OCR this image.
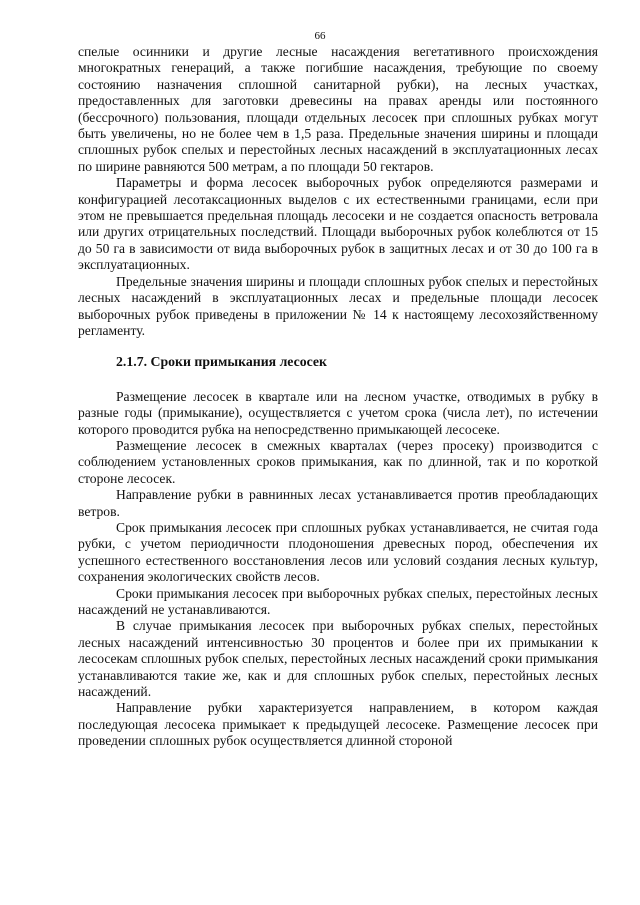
66

спелые осинники и другие лесные насаждения вегетативного происхождения многократных генераций, а также погибшие насаждения, требующие по своему состоянию назначения сплошной санитарной рубки), на лесных участках, предоставленных для заготовки древесины на правах аренды или постоянного (бессрочного) пользования, площади отдельных лесосек при сплошных рубках могут быть увеличены, но не более чем в 1,5 раза. Предельные значения ширины и площади сплошных рубок спелых и перестойных лесных насаждений в эксплуатационных лесах по ширине равняются 500 метрам, а по площади 50 гектаров.

Параметры и форма лесосек выборочных рубок определяются размерами и конфигурацией лесотаксационных выделов с их естественными границами, если при этом не превышается предельная площадь лесосеки и не создается опасность ветровала или других отрицательных последствий. Площади выборочных рубок колеблются от 15 до 50 га в зависимости от вида выборочных рубок в защитных лесах и от 30 до 100 га в эксплуатационных.

Предельные значения ширины и площади сплошных рубок спелых и перестойных лесных насаждений в эксплуатационных лесах и предельные площади лесосек выборочных рубок приведены в приложении № 14 к настоящему лесохозяйственному регламенту.

2.1.7. Сроки примыкания лесосек

Размещение лесосек в квартале или на лесном участке, отводимых в рубку в разные годы (примыкание), осуществляется с учетом срока (числа лет), по истечении которого проводится рубка на непосредственно примыкающей лесосеке.

Размещение лесосек в смежных кварталах (через просеку) производится с соблюдением установленных сроков примыкания, как по длинной, так и по короткой стороне лесосек.

Направление рубки в равнинных лесах устанавливается против преобладающих ветров.

Срок примыкания лесосек при сплошных рубках устанавливается, не считая года рубки, с учетом периодичности плодоношения древесных пород, обеспечения их успешного естественного восстановления лесов или условий создания лесных культур, сохранения экологических свойств лесов.

Сроки примыкания лесосек при выборочных рубках спелых, перестойных лесных насаждений не устанавливаются.

В случае примыкания лесосек при выборочных рубках спелых, перестойных лесных насаждений интенсивностью 30 процентов и более при их примыкании к лесосекам сплошных рубок спелых, перестойных лесных насаждений сроки примыкания устанавливаются такие же, как и для сплошных рубок спелых, перестойных лесных насаждений.

Направление рубки характеризуется направлением, в котором каждая последующая лесосека примыкает к предыдущей лесосеке. Размещение лесосек при проведении сплошных рубок осуществляется длинной стороной
